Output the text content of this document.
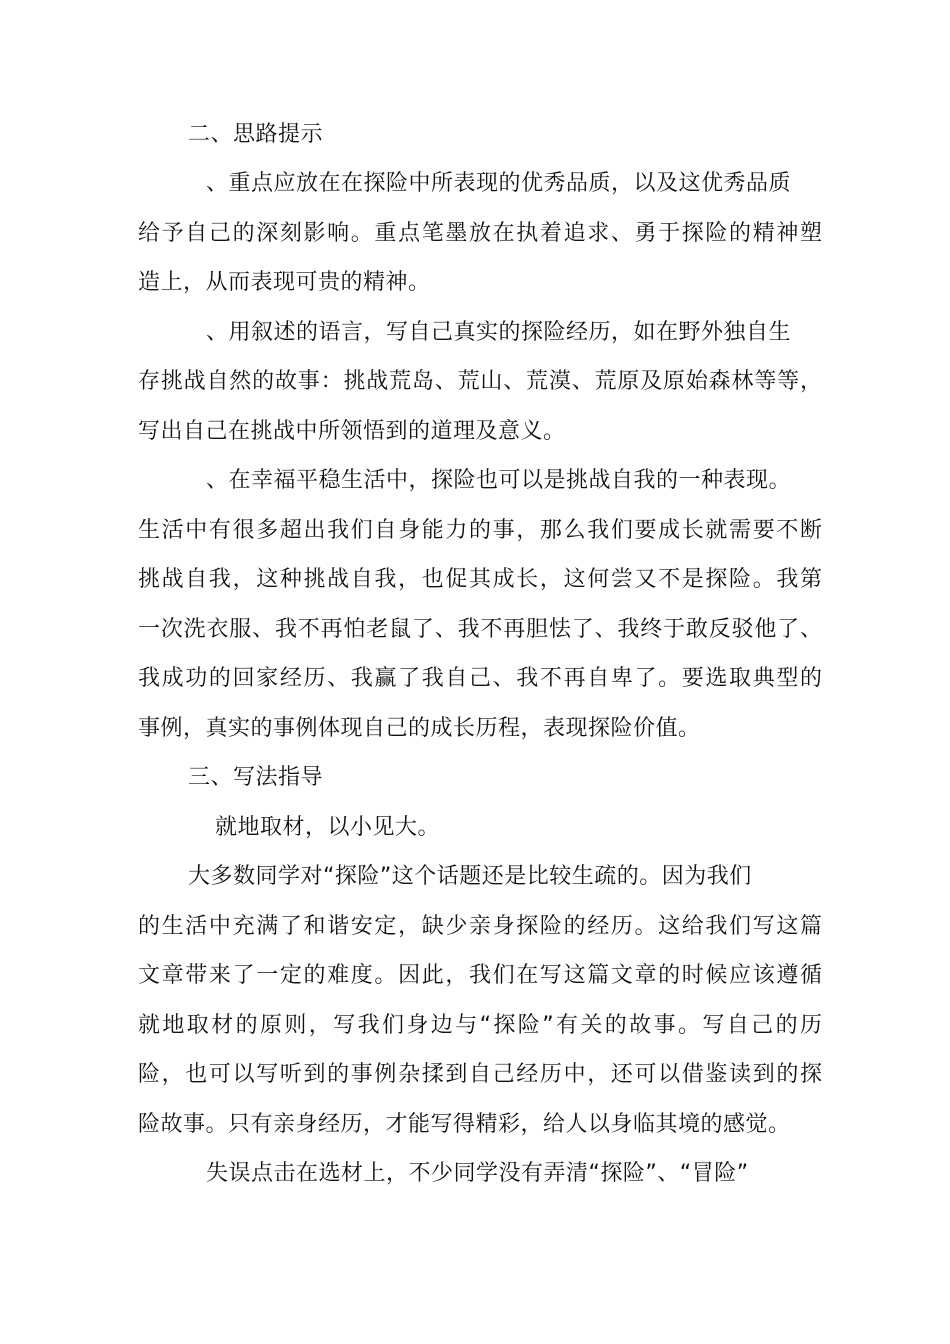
二、思路提示
、重点应放在在探险中所表现的优秀品质，以及这优秀品质
给予自己的深刻影响。重点笔墨放在执着追求、勇于探险的精神塑
造上，从而表现可贵的精神。
、用叙述的语言，写自己真实的探险经历，如在野外独自生
存挑战自然的故事：挑战荒岛、荒山、荒漠、荒原及原始森林等等，
写出自己在挑战中所领悟到的道理及意义。
、在幸福平稳生活中，探险也可以是挑战自我的一种表现。
生活中有很多超出我们自身能力的事，那么我们要成长就需要不断
挑战自我，这种挑战自我，也促其成长，这何尝又不是探险。我第
一次洗衣服、我不再怕老鼠了、我不再胆怯了、我终于敢反驳他了、
我成功的回家经历、我赢了我自己、我不再自卑了。要选取典型的
事例，真实的事例体现自己的成长历程，表现探险价值。
三、写法指导
就地取材，以小见大。
大多数同学对“探险”这个话题还是比较生疏的。因为我们
的生活中充满了和谐安定，缺少亲身探险的经历。这给我们写这篇
文章带来了一定的难度。因此，我们在写这篇文章的时候应该遵循
就地取材的原则，写我们身边与“探险”有关的故事。写自己的历
险，也可以写听到的事例杂揉到自己经历中，还可以借鉴读到的探
险故事。只有亲身经历，才能写得精彩，给人以身临其境的感觉。
失误点击在选材上，不少同学没有弄清“探险”、“冒险”
